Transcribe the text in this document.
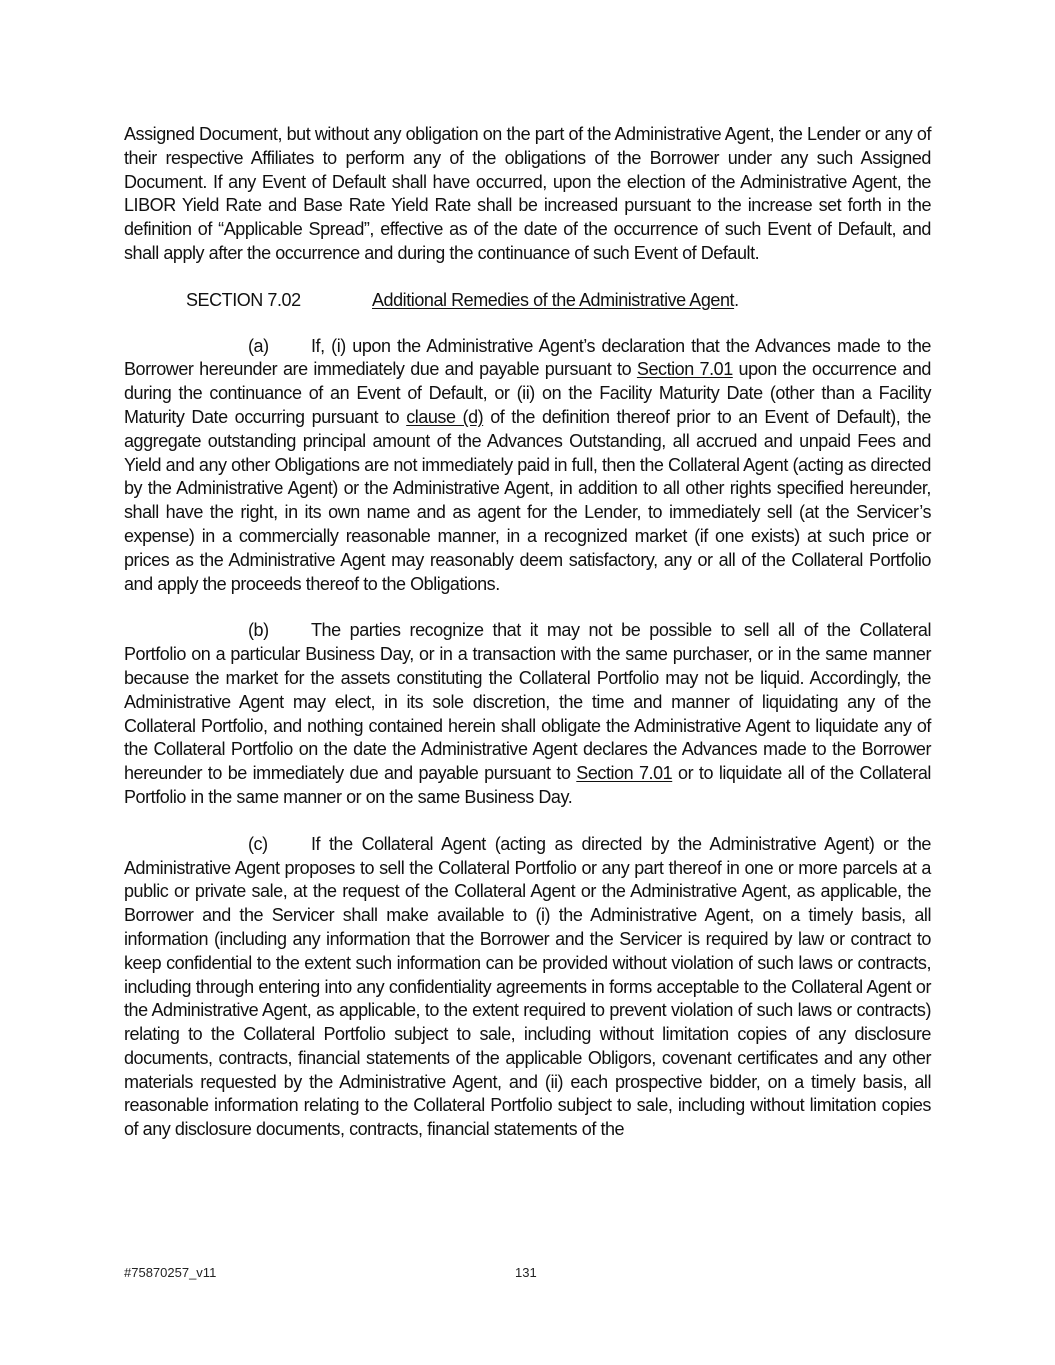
Assigned Document, but without any obligation on the part of the Administrative Agent, the Lender or any of their respective Affiliates to perform any of the obligations of the Borrower under any such Assigned Document. If any Event of Default shall have occurred, upon the election of the Administrative Agent, the LIBOR Yield Rate and Base Rate Yield Rate shall be increased pursuant to the increase set forth in the definition of “Applicable Spread”, effective as of the date of the occurrence of such Event of Default, and shall apply after the occurrence and during the continuance of such Event of Default.

SECTION 7.02	Additional Remedies of the Administrative Agent.

(a) If, (i) upon the Administrative Agent’s declaration that the Advances made to the Borrower hereunder are immediately due and payable pursuant to Section 7.01 upon the occurrence and during the continuance of an Event of Default, or (ii) on the Facility Maturity Date (other than a Facility Maturity Date occurring pursuant to clause (d) of the definition thereof prior to an Event of Default), the aggregate outstanding principal amount of the Advances Outstanding, all accrued and unpaid Fees and Yield and any other Obligations are not immediately paid in full, then the Collateral Agent (acting as directed by the Administrative Agent) or the Administrative Agent, in addition to all other rights specified hereunder, shall have the right, in its own name and as agent for the Lender, to immediately sell (at the Servicer’s expense) in a commercially reasonable manner, in a recognized market (if one exists) at such price or prices as the Administrative Agent may reasonably deem satisfactory, any or all of the Collateral Portfolio and apply the proceeds thereof to the Obligations.

(b) The parties recognize that it may not be possible to sell all of the Collateral Portfolio on a particular Business Day, or in a transaction with the same purchaser, or in the same manner because the market for the assets constituting the Collateral Portfolio may not be liquid. Accordingly, the Administrative Agent may elect, in its sole discretion, the time and manner of liquidating any of the Collateral Portfolio, and nothing contained herein shall obligate the Administrative Agent to liquidate any of the Collateral Portfolio on the date the Administrative Agent declares the Advances made to the Borrower hereunder to be immediately due and payable pursuant to Section 7.01 or to liquidate all of the Collateral Portfolio in the same manner or on the same Business Day.

(c) If the Collateral Agent (acting as directed by the Administrative Agent) or the Administrative Agent proposes to sell the Collateral Portfolio or any part thereof in one or more parcels at a public or private sale, at the request of the Collateral Agent or the Administrative Agent, as applicable, the Borrower and the Servicer shall make available to (i) the Administrative Agent, on a timely basis, all information (including any information that the Borrower and the Servicer is required by law or contract to keep confidential to the extent such information can be provided without violation of such laws or contracts, including through entering into any confidentiality agreements in forms acceptable to the Collateral Agent or the Administrative Agent, as applicable, to the extent required to prevent violation of such laws or contracts) relating to the Collateral Portfolio subject to sale, including without limitation copies of any disclosure documents, contracts, financial statements of the applicable Obligors, covenant certificates and any other materials requested by the Administrative Agent, and (ii) each prospective bidder, on a timely basis, all reasonable information relating to the Collateral Portfolio subject to sale, including without limitation copies of any disclosure documents, contracts, financial statements of the

#75870257_v11	131
